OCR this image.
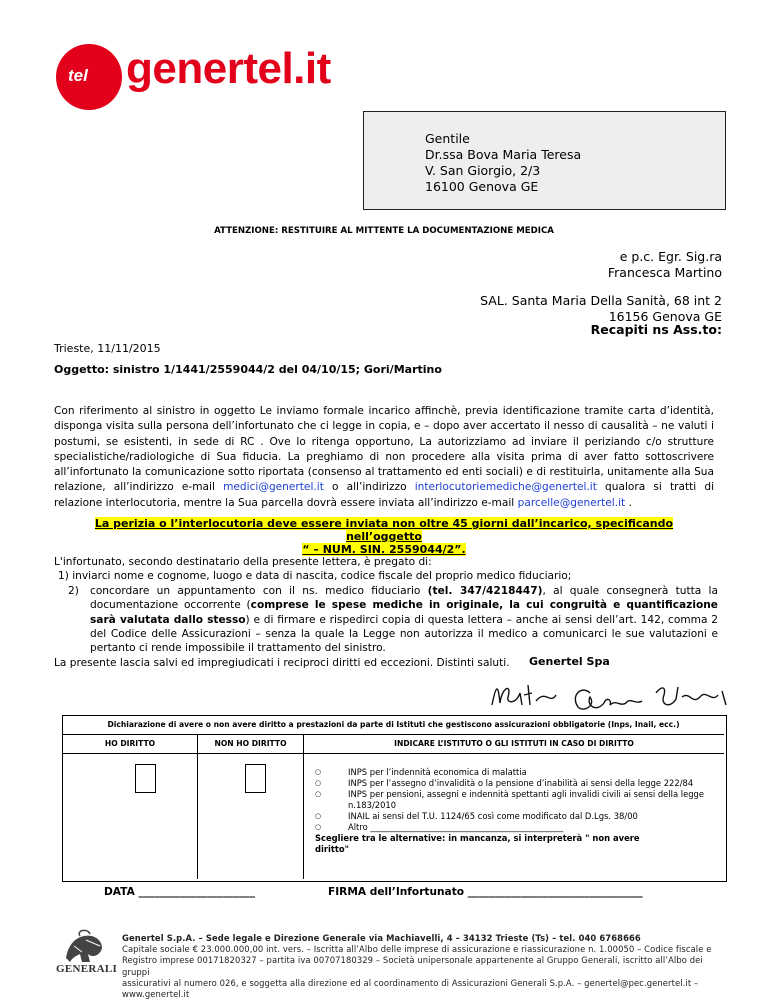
tel genertel.it
Gentile
Dr.ssa Bova Maria Teresa
V. San Giorgio, 2/3
16100 Genova GE
ATTENZIONE: RESTITUIRE AL MITTENTE LA DOCUMENTAZIONE MEDICA
e p.c. Egr. Sig.ra
Francesca Martino
SAL. Santa Maria Della Sanità, 68 int 2
16156 Genova GE
Recapiti ns Ass.to:
Trieste, 11/11/2015
Oggetto: sinistro 1/1441/2559044/2 del 04/10/15; Gori/Martino
Con riferimento al sinistro in oggetto Le inviamo formale incarico affinchè, previa identificazione tramite carta d’identità, disponga visita sulla persona dell’infortunato che ci legge in copia, e – dopo aver accertato il nesso di causalità – ne valuti i postumi, se esistenti, in sede di RC . Ove lo ritenga opportuno, La autorizziamo ad inviare il periziando c/o strutture specialistiche/radiologiche di Sua fiducia. La preghiamo di non procedere alla visita prima di aver fatto sottoscrivere all’infortunato la comunicazione sotto riportata (consenso al trattamento ed enti sociali) e di restituirla, unitamente alla Sua relazione, all’indirizzo e-mail medici@genertel.it o all’indirizzo interlocutoriemediche@genertel.it qualora si tratti di relazione interlocutoria, mentre la Sua parcella dovrà essere inviata all’indirizzo e-mail parcelle@genertel.it .
La perizia o l’interlocutoria deve essere inviata non oltre 45 giorni dall’incarico, specificando
nell’oggetto
“ – NUM. SIN. 2559044/2”.
L'infortunato, secondo destinatario della presente lettera, è pregato di:
1) inviarci nome e cognome, luogo e data di nascita, codice fiscale del proprio medico fiduciario;
2)	concordare un appuntamento con il ns. medico fiduciario (tel. 347/4218447), al quale consegnerà tutta la documentazione occorrente (comprese le spese mediche in originale, la cui congruità e quantificazione sarà valutata dallo stesso) e di firmare e rispedirci copia di questa lettera – anche ai sensi dell’art. 142, comma 2 del Codice delle Assicurazioni – senza la quale la Legge non autorizza il medico a comunicarci le sue valutazioni e pertanto ci rende impossibile il trattamento del sinistro.
La presente lascia salvi ed impregiudicati i reciproci diritti ed eccezioni. Distinti saluti.	Genertel Spa
Dichiarazione di avere o non avere diritto a prestazioni da parte di Istituti che gestiscono assicurazioni obbligatorie (Inps, Inail, ecc.)
HO DIRITTO	NON HO DIRITTO	INDICARE L’ISTITUTO O GLI ISTITUTI IN CASO DI DIRITTO
○	INPS per l’indennità economica di malattia
○	INPS per l’assegno d’invalidità o la pensione d’inabilità ai sensi della legge 222/84
○	INPS per pensioni, assegni e indennità spettanti agli invalidi civili ai sensi della legge n.183/2010
○	INAIL ai sensi del T.U. 1124/65 così come modificato dal D.Lgs. 38/00
○	Altro ______________________________________________
Scegliere tra le alternative: in mancanza, si interpreterà " non avere diritto"
DATA ______________________	FIRMA dell’Infortunato _________________________________
GENERALI
Genertel S.p.A. – Sede legale e Direzione Generale via Machiavelli, 4 – 34132 Trieste (Ts) – tel. 040 6768666
Capitale sociale € 23.000.000,00 int. vers. – Iscritta all’Albo delle imprese di assicurazione e riassicurazione n. 1.00050 – Codice fiscale e
Registro imprese 00171820327 – partita iva 00707180329 – Società unipersonale appartenente al Gruppo Generali, iscritto all’Albo dei gruppi
assicurativi al numero 026, e soggetta alla direzione ed al coordinamento di Assicurazioni Generali S.p.A. – genertel@pec.genertel.it – www.genertel.it
